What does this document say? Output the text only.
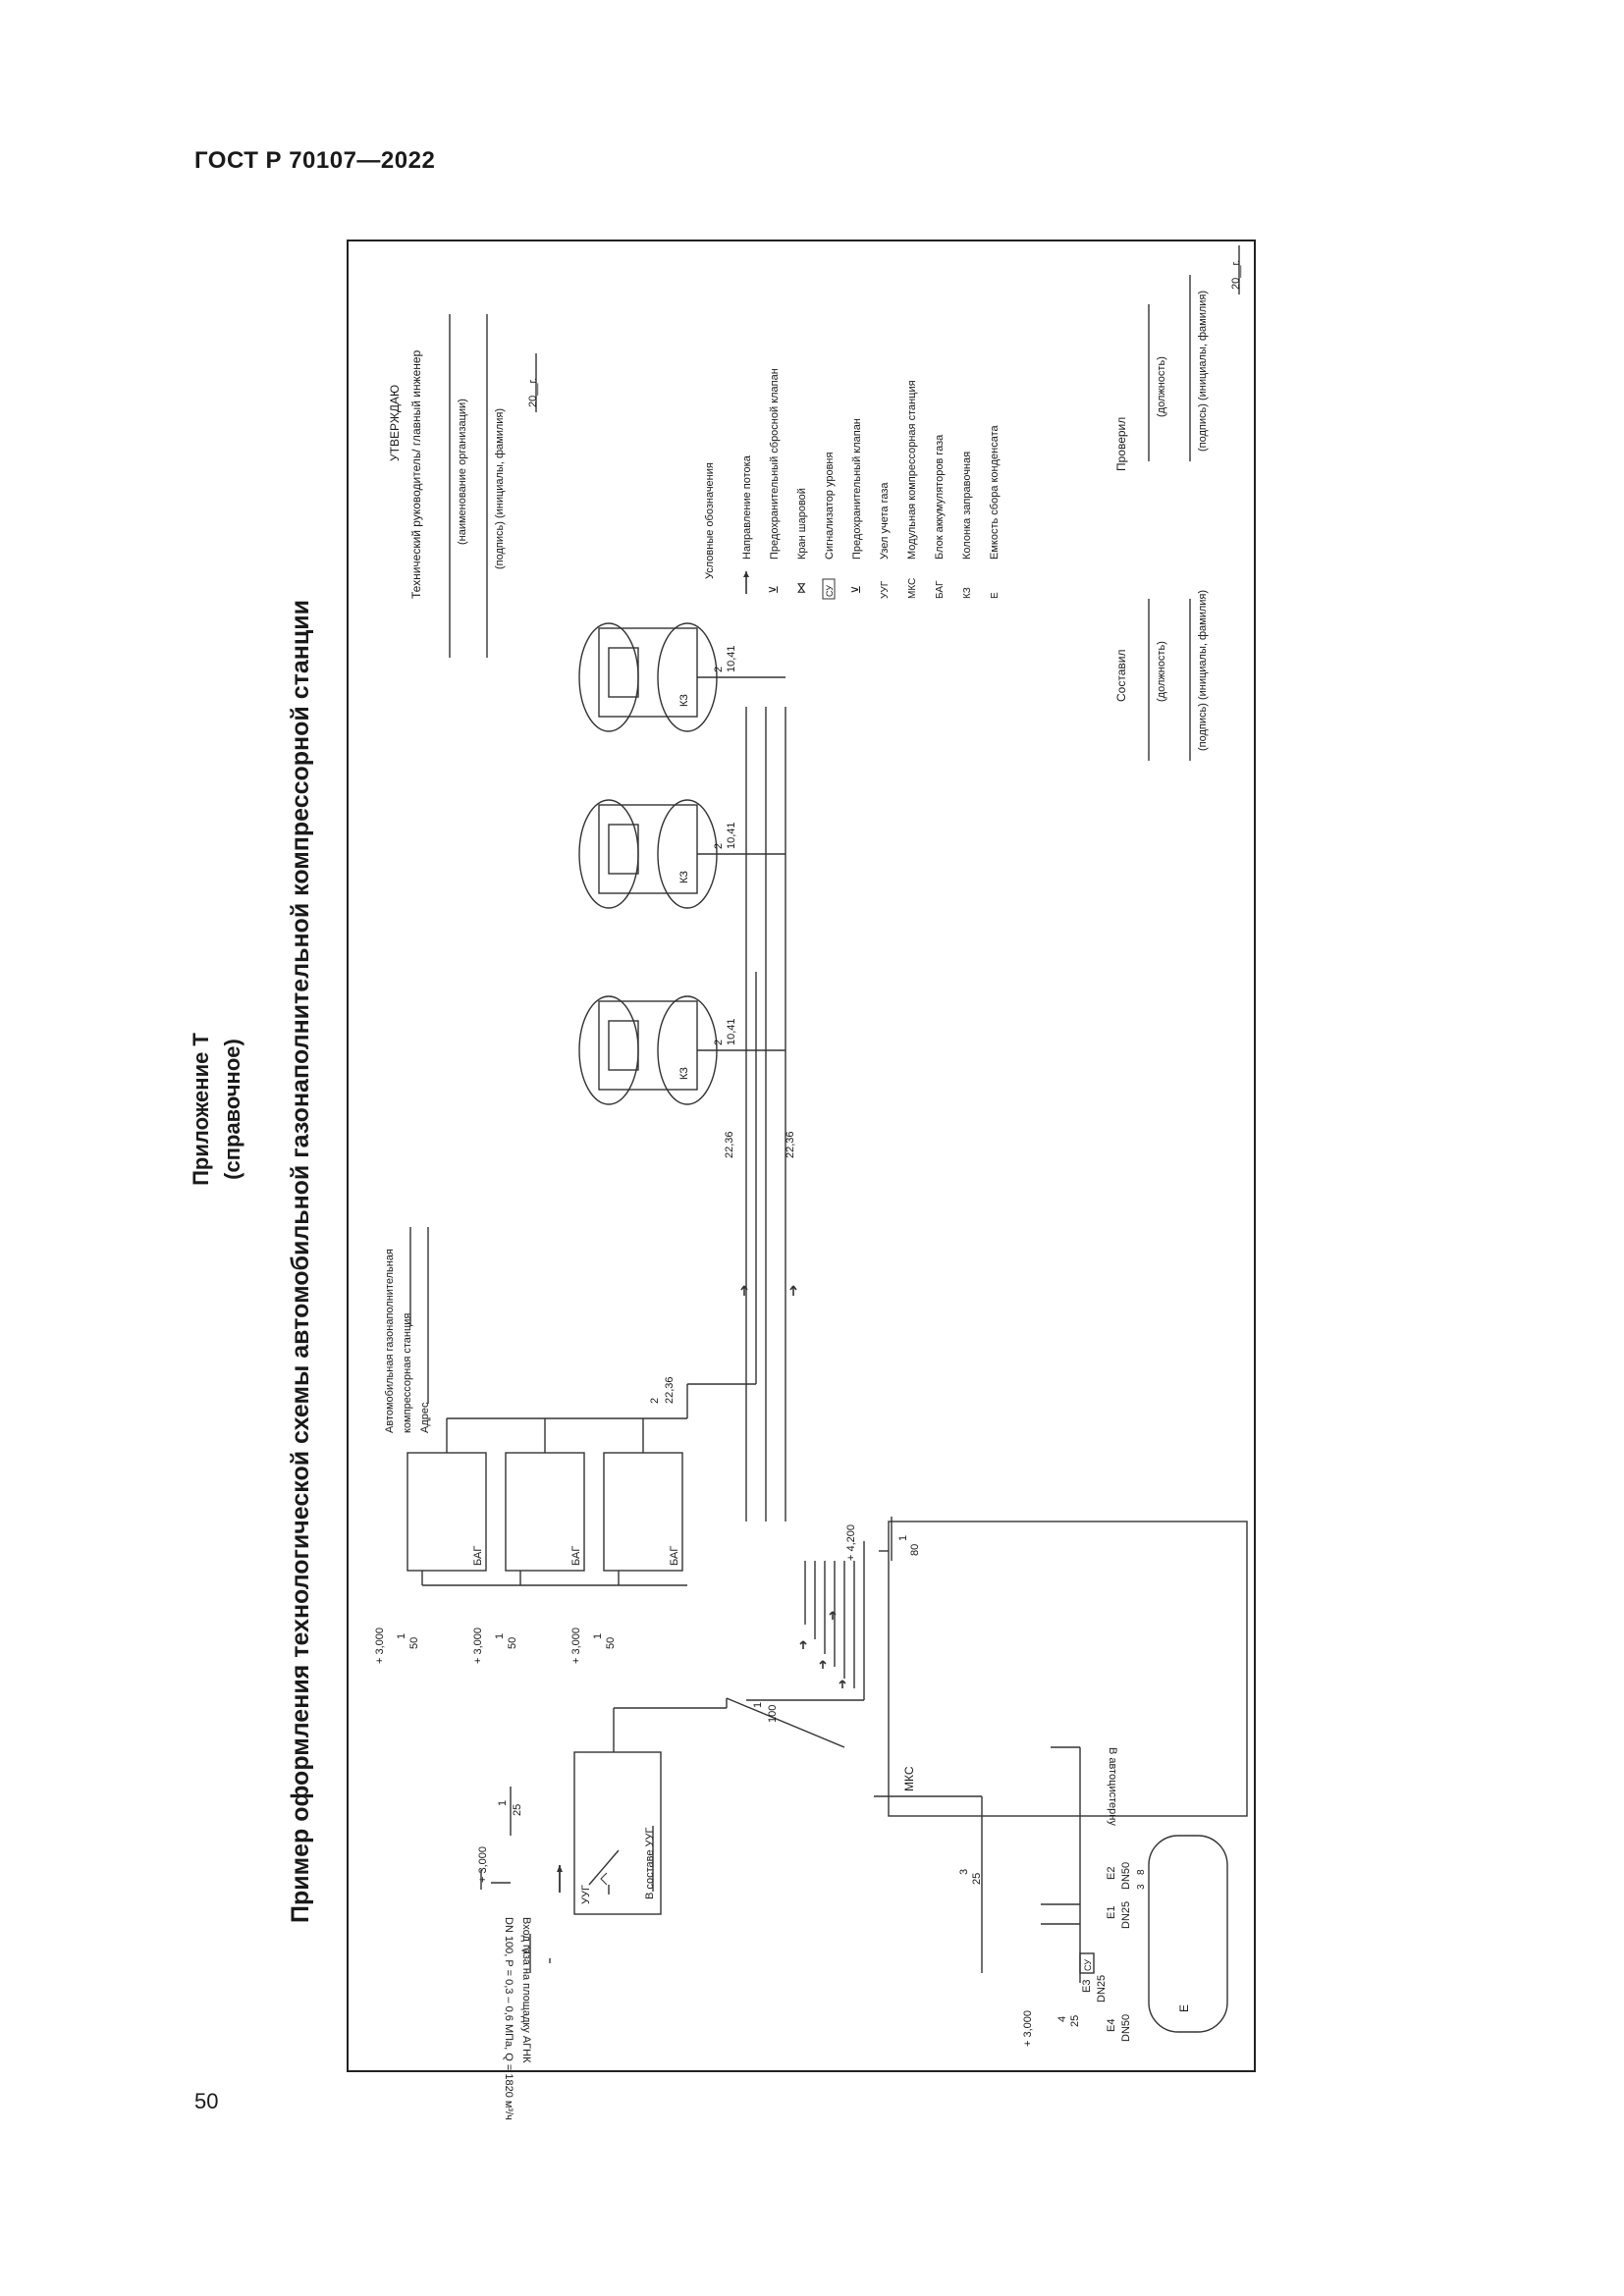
ГОСТ Р 70107—2022
50
Приложение Т (справочное) Пример оформления технологической схемы автомобильной газонаполнительной компрессорной станции
УТВЕРЖДАЮ Технический руководитель/ главный инженер	(наименование организации) (подпись) (инициалы, фамилия)
20__г.
Автомобильная газонаполнительная компрессорная станция Адрес
Условные обозначения Направление потока
⊻
Предохранительный сбросной клапан
⋈
Кран шаровой
СУ
Сигнализатор уровня
⊻
Предохранительный клапан
УУГ
Узел учета газа
МКС
Модульная компрессорная станция
БАГ
Блок аккумуляторов газа
КЗ
Колонка заправочная
Е
Емкость сбора конденсата
Составил	(должность)	(подпись) (инициалы, фамилия)
Проверил
(должность)	(подпись) (инициалы, фамилия)
20__г.
Вход газа на площадку АГНК
DN 100, P = 0,3 – 0,6 МПа, Q = 1820 м³/ч
+ 3,000
25
1
УУГ	В составе УУГ
1 100
МКС
+ 4,200	1
80
БАГ	БАГ	БАГ
+ 3,000	+ 3,000	+ 3,000
1
50
1
50
1
50
2 22,36
22,36	22,36
КЗ
2 10,41
КЗ
2 10,41
КЗ
2 10,41
3
25
+ 3,000 4 25
Е3 DN25
Е1 DN25
Е2 DN50
Е4 DN50
СУ
Е
В автоцистерну
8
3
